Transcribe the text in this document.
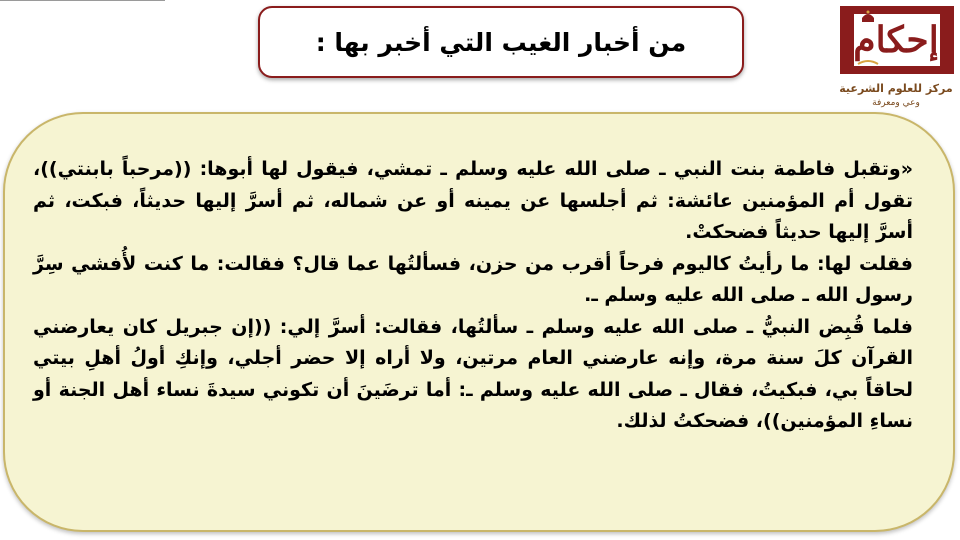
من أخبار الغيب التي أخبر بها :	إحكام
مركز للعلوم الشرعية
وعي ومعرفة

«وتقبل فاطمة بنت النبي ـ صلى الله عليه وسلم ـ تمشي، فيقول لها أبوها: ((مرحباً بابنتي))، تقول أم المؤمنين عائشة: ثم أجلسها عن يمينه أو عن شماله، ثم أسرَّ إليها حديثاً، فبكت، ثم أسرَّ إليها حديثاً فضحكتْ.

فقلت لها: ما رأيتُ كاليوم فرحاً أقرب من حزن، فسألتُها عما قال؟ فقالت: ما كنت لأُفشي سِرَّ رسول الله ـ صلى الله عليه وسلم ـ.

فلما قُبِض النبيُّ ـ صلى الله عليه وسلم ـ سألتُها، فقالت: أسرَّ إلي: ((إن جبريل كان يعارضني القرآن كلَ سنة مرة، وإنه عارضني العام مرتين، ولا أراه إلا حضر أجلي، وإنكِ أولُ أهلِ بيتي لحاقاً بي، فبكيتُ، فقال ـ صلى الله عليه وسلم ـ: أما ترضَينَ أن تكوني سيدةَ نساء أهل الجنة أو نساءِ المؤمنين))، فضحكتُ لذلك.
